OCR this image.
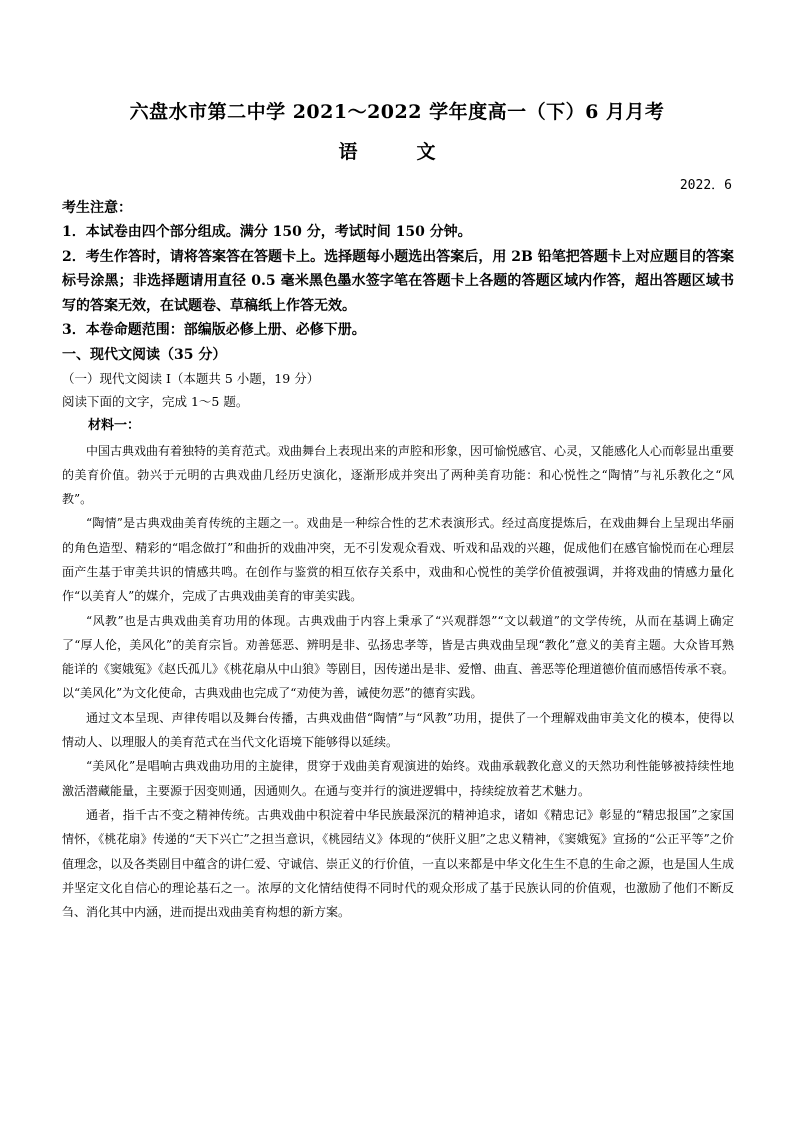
六盘水市第二中学 2021～2022 学年度高一（下）6 月月考
语　文
2022．6
考生注意：
1．本试卷由四个部分组成。满分 150 分，考试时间 150 分钟。
2．考生作答时，请将答案答在答题卡上。选择题每小题选出答案后，用 2B 铅笔把答题卡上对应题目的答案标号涂黑；非选择题请用直径 0.5 毫米黑色墨水签字笔在答题卡上各题的答题区域内作答，超出答题区域书写的答案无效，在试题卷、草稿纸上作答无效。
3．本卷命题范围：部编版必修上册、必修下册。
一、现代文阅读（35 分）
（一）现代文阅读 I（本题共 5 小题，19 分）
阅读下面的文字，完成 1～5 题。
材料一：

中国古典戏曲有着独特的美育范式。戏曲舞台上表现出来的声腔和形象，因可愉悦感官、心灵，又能感化人心而彰显出重要的美育价值。勃兴于元明的古典戏曲几经历史演化，逐渐形成并突出了两种美育功能：和心悦性之“陶情”与礼乐教化之“风教”。

“陶情”是古典戏曲美育传统的主题之一。戏曲是一种综合性的艺术表演形式。经过高度提炼后，在戏曲舞台上呈现出华丽的角色造型、精彩的“唱念做打”和曲折的戏曲冲突，无不引发观众看戏、听戏和品戏的兴趣，促成他们在感官愉悦而在心理层面产生基于审美共识的情感共鸣。在创作与鉴赏的相互依存关系中，戏曲和心悦性的美学价值被强调，并将戏曲的情感力量化作“以美育人”的媒介，完成了古典戏曲美育的审美实践。

“风教”也是古典戏曲美育功用的体现。古典戏曲于内容上秉承了“兴观群怨”“文以载道”的文学传统，从而在基调上确定了“厚人伦，美风化”的美育宗旨。劝善惩恶、辨明是非、弘扬忠孝等，皆是古典戏曲呈现“教化”意义的美育主题。大众皆耳熟能详的《窦娥冤》《赵氏孤儿》《桃花扇从中山狼》等剧目，因传递出是非、爱憎、曲直、善恶等伦理道德价值而感悟传承不衰。以“美风化”为文化使命，古典戏曲也完成了“劝使为善，诫使勿恶”的德育实践。

通过文本呈现、声律传唱以及舞台传播，古典戏曲借“陶情”与“风教”功用，提供了一个理解戏曲审美文化的模本，使得以情动人、以理服人的美育范式在当代文化语境下能够得以延续。

“美风化”是唱响古典戏曲功用的主旋律，贯穿于戏曲美育观演进的始终。戏曲承载教化意义的天然功利性能够被持续性地激活潜藏能量，主要源于因变则通，因通则久。在通与变并行的演进逻辑中，持续绽放着艺术魅力。

通者，指千古不变之精神传统。古典戏曲中积淀着中华民族最深沉的精神追求，诸如《精忠记》彰显的“精忠报国”之家国情怀，《桃花扇》传递的“天下兴亡”之担当意识，《桃园结义》体现的“侠肝义胆”之忠义精神，《窦娥冤》宣扬的“公正平等”之价值理念，以及各类剧目中蕴含的讲仁爱、守诚信、崇正义的行价值，一直以来都是中华文化生生不息的生命之源，也是国人生成并坚定文化自信心的理论基石之一。浓厚的文化情结使得不同时代的观众形成了基于民族认同的价值观，也激励了他们不断反刍、消化其中内涵，进而提出戏曲美育构想的新方案。
